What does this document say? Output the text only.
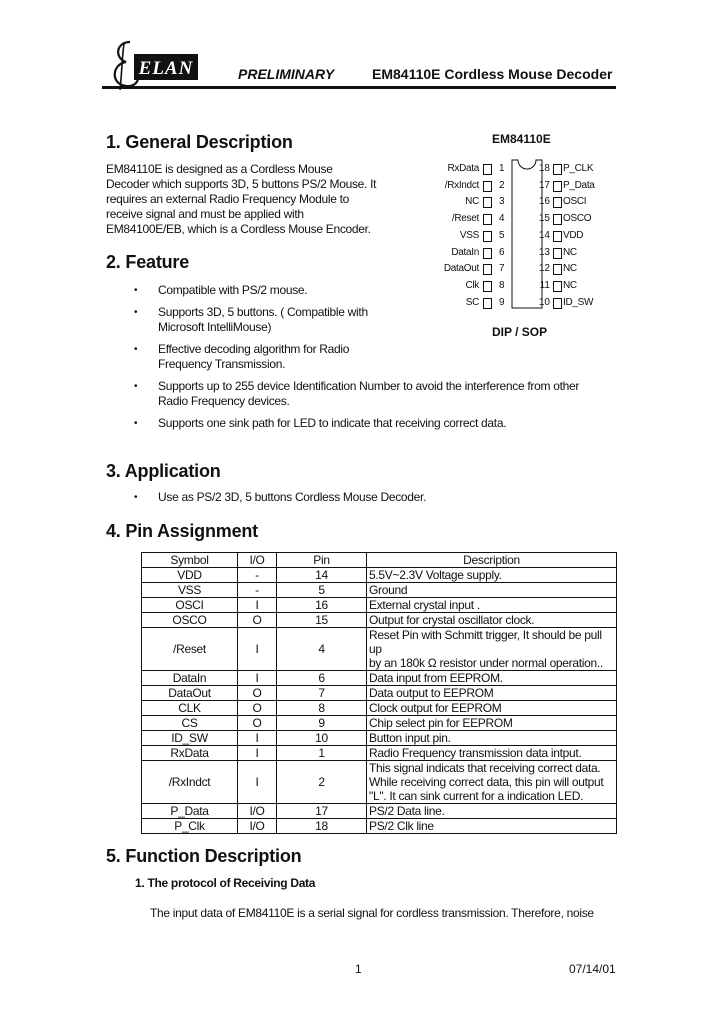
ELAN	PRELIMINARY	EM84110E Cordless Mouse Decoder
1. General Description
EM84110E is designed as a Cordless Mouse
Decoder which supports 3D, 5 buttons PS/2 Mouse. It
requires an external Radio Frequency Module to
receive signal and must be applied with
EM84100E/EB, which is a Cordless Mouse Encoder.
EM84110E
RxData 1
/RxIndct 2
NC 3
/Reset 4
VSS 5
DataIn 6
DataOut 7
Clk 8
SC 9
18 P_CLK
17 P_Data
16 OSCI
15 OSCO
14 VDD
13 NC
12 NC
11 NC
10 ID_SW
DIP / SOP
2. Feature
• Compatible with PS/2 mouse.
• Supports 3D, 5 buttons. ( Compatible with
Microsoft IntelliMouse)
• Effective decoding algorithm for Radio
Frequency Transmission.
• Supports up to 255 device Identification Number to avoid the interference from other
Radio Frequency devices.
• Supports one sink path for LED to indicate that receiving correct data.
3. Application
• Use as PS/2 3D, 5 buttons Cordless Mouse Decoder.
4. Pin Assignment
Symbol	I/O	Pin	Description
VDD	-	14	5.5V~2.3V Voltage supply.

VSS	-	5	Ground

OSCI	I	16	External crystal input .

OSCO	O	15	Output for crystal oscillator clock.

/Reset	I	4	Reset Pin with Schmitt trigger, It should be pull up
by an 180k Ω resistor under normal operation..

DataIn	I	6	Data input from EEPROM.

DataOut	O	7	Data output to EEPROM

CLK	O	8	Clock output for EEPROM

CS	O	9	Chip select pin for EEPROM

ID_SW	I	10	Button input pin.

RxData	I	1	Radio Frequency transmission data intput.

/RxIndct	I	2	This signal indicats that receiving correct data.
While receiving correct data, this pin will output
"L". It can sink current for a indication LED.

P_Data	I/O	17	PS/2 Data line.

P_Clk	I/O	18	PS/2 Clk line
5. Function Description
1. The protocol of Receiving Data
The input data of EM84110E is a serial signal for cordless transmission. Therefore, noise
1	07/14/01
